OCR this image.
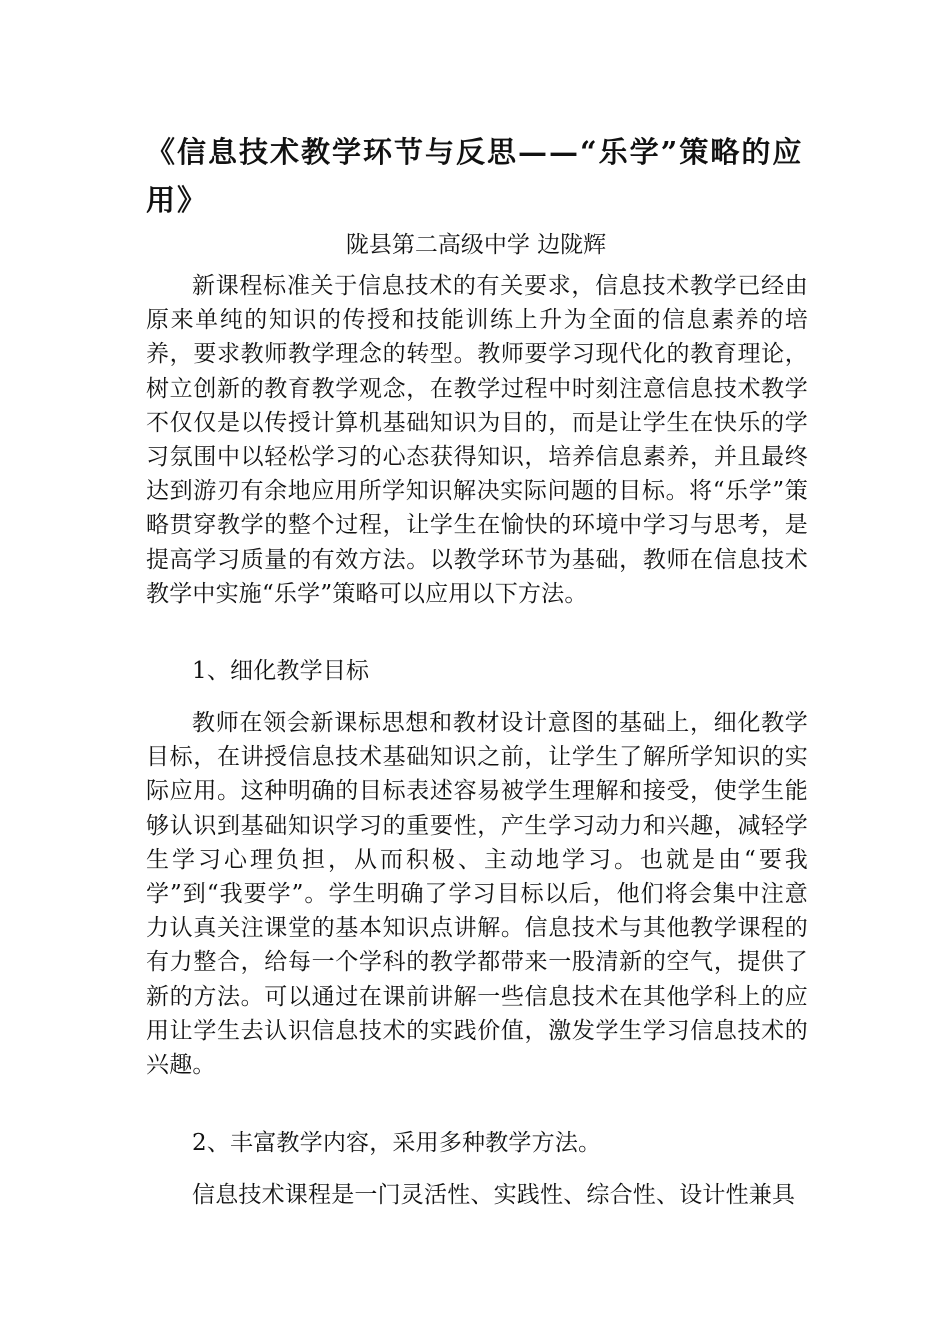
《信息技术教学环节与反思——“乐学”策略的应用》

陇县第二高级中学 边陇辉

新课程标准关于信息技术的有关要求，信息技术教学已经由原来单纯的知识的传授和技能训练上升为全面的信息素养的培养，要求教师教学理念的转型。教师要学习现代化的教育理论，树立创新的教育教学观念，在教学过程中时刻注意信息技术教学不仅仅是以传授计算机基础知识为目的，而是让学生在快乐的学习氛围中以轻松学习的心态获得知识，培养信息素养，并且最终达到游刃有余地应用所学知识解决实际问题的目标。将“乐学”策略贯穿教学的整个过程，让学生在愉快的环境中学习与思考，是提高学习质量的有效方法。以教学环节为基础，教师在信息技术教学中实施“乐学”策略可以应用以下方法。

1、细化教学目标

教师在领会新课标思想和教材设计意图的基础上，细化教学目标，在讲授信息技术基础知识之前，让学生了解所学知识的实际应用。这种明确的目标表述容易被学生理解和接受，使学生能够认识到基础知识学习的重要性，产生学习动力和兴趣，减轻学生学习心理负担，从而积极、主动地学习。也就是由“要我学”到“我要学”。学生明确了学习目标以后，他们将会集中注意力认真关注课堂的基本知识点讲解。信息技术与其他教学课程的有力整合，给每一个学科的教学都带来一股清新的空气，提供了新的方法。可以通过在课前讲解一些信息技术在其他学科上的应用让学生去认识信息技术的实践价值，激发学生学习信息技术的兴趣。

2、丰富教学内容，采用多种教学方法。

信息技术课程是一门灵活性、实践性、综合性、设计性兼具
